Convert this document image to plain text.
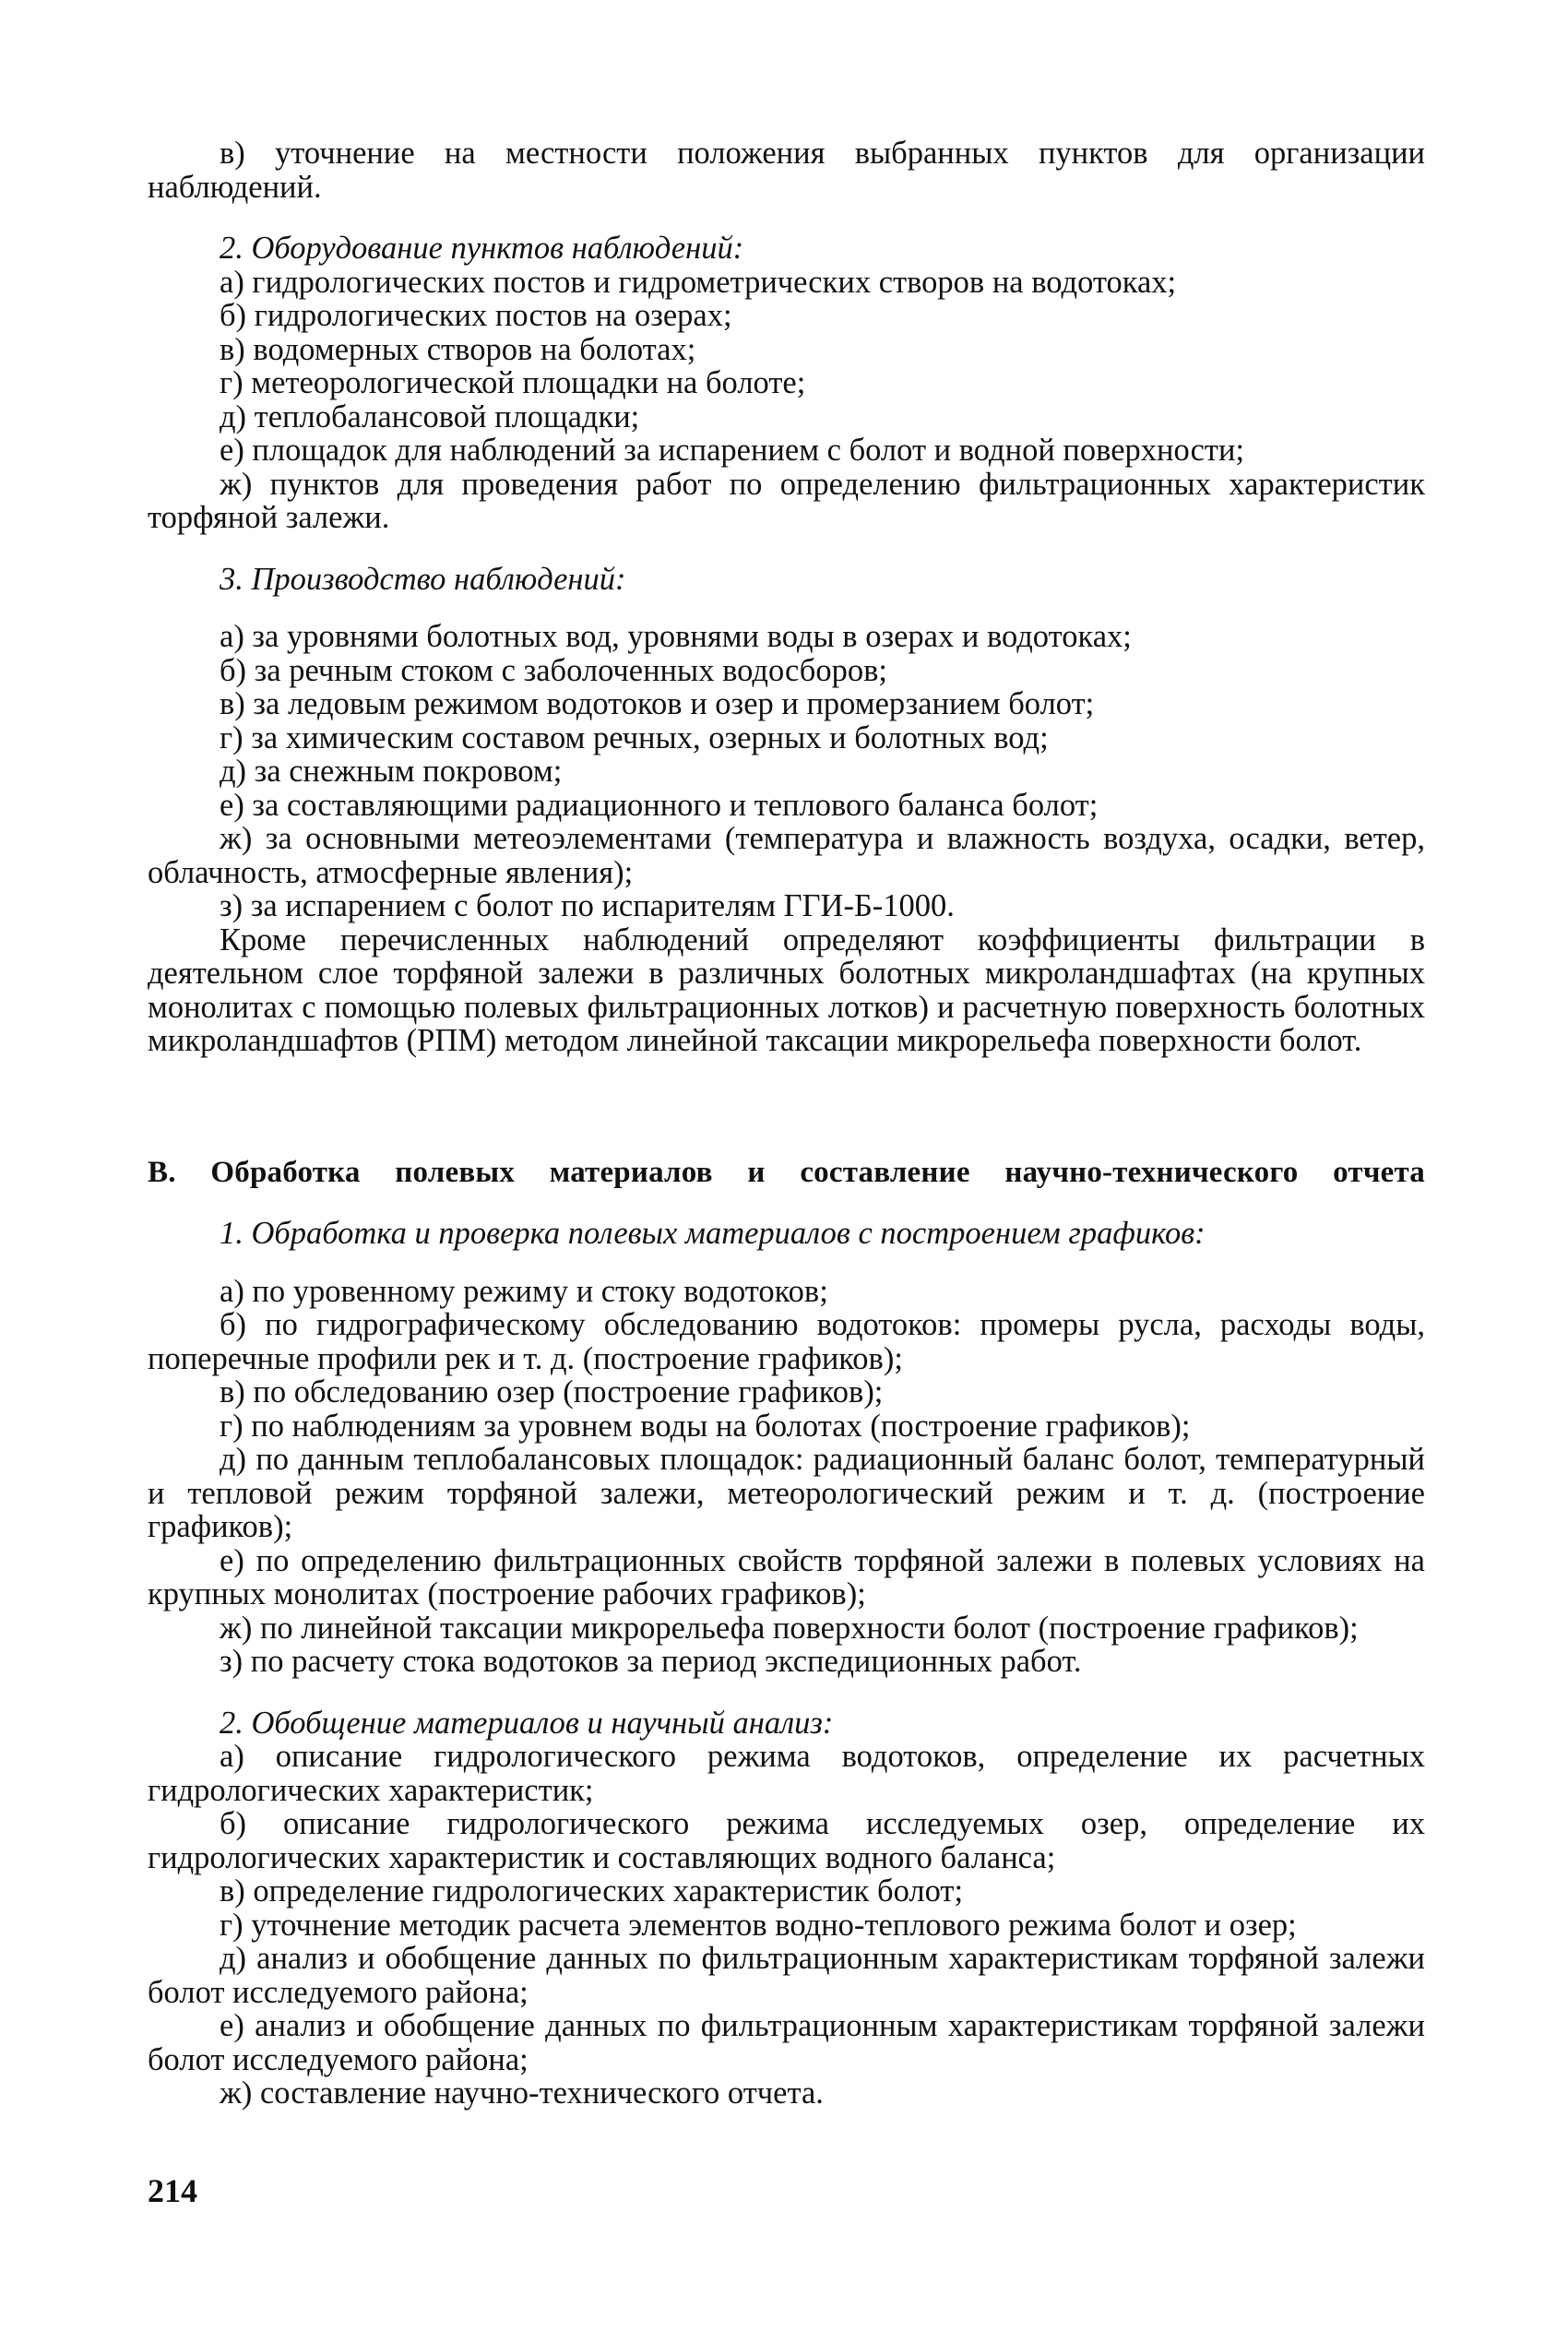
в) уточнение на местности положения выбранных пунктов для организации наблюдений.

2. Оборудование пунктов наблюдений:

а) гидрологических постов и гидрометрических створов на водотоках;

б) гидрологических постов на озерах;

в) водомерных створов на болотах;

г) метеорологической площадки на болоте;

д) теплобалансовой площадки;

е) площадок для наблюдений за испарением с болот и водной поверхности;

ж) пунктов для проведения работ по определению фильтрационных характеристик торфяной залежи.

3. Производство наблюдений:

а) за уровнями болотных вод, уровнями воды в озерах и водотоках;

б) за речным стоком с заболоченных водосборов;

в) за ледовым режимом водотоков и озер и промерзанием болот;

г) за химическим составом речных, озерных и болотных вод;

д) за снежным покровом;

е) за составляющими радиационного и теплового баланса болот;

ж) за основными метеоэлементами (температура и влажность воздуха, осадки, ветер, облачность, атмосферные явления);

з) за испарением с болот по испарителям ГГИ-Б-1000.

Кроме перечисленных наблюдений определяют коэффициенты фильтрации в деятельном слое торфяной залежи в различных болотных микроландшафтах (на крупных монолитах с помощью полевых фильтрационных лотков) и расчетную поверхность болотных микроландшафтов (РПМ) методом линейной таксации микрорельефа поверхности болот.

В. Обработка полевых материалов и составление научно-технического отчета

1. Обработка и проверка полевых материалов с построением графиков:

а) по уровенному режиму и стоку водотоков;

б) по гидрографическому обследованию водотоков: промеры русла, расходы воды, поперечные профили рек и т. д. (построение графиков);

в) по обследованию озер (построение графиков);

г) по наблюдениям за уровнем воды на болотах (построение графиков);

д) по данным теплобалансовых площадок: радиационный баланс болот, температурный и тепловой режим торфяной залежи, метеорологический режим и т. д. (построение графиков);

е) по определению фильтрационных свойств торфяной залежи в полевых условиях на крупных монолитах (построение рабочих графиков);

ж) по линейной таксации микрорельефа поверхности болот (построение графиков);

з) по расчету стока водотоков за период экспедиционных работ.

2. Обобщение материалов и научный анализ:

а) описание гидрологического режима водотоков, определение их расчетных гидрологических характеристик;

б) описание гидрологического режима исследуемых озер, определение их гидрологических характеристик и составляющих водного баланса;

в) определение гидрологических характеристик болот;

г) уточнение методик расчета элементов водно-теплового режима болот и озер;

д) анализ и обобщение данных по фильтрационным характеристикам торфяной залежи болот исследуемого района;

е) анализ и обобщение данных по фильтрационным характеристикам торфяной залежи болот исследуемого района;

ж) составление научно-технического отчета.

214
